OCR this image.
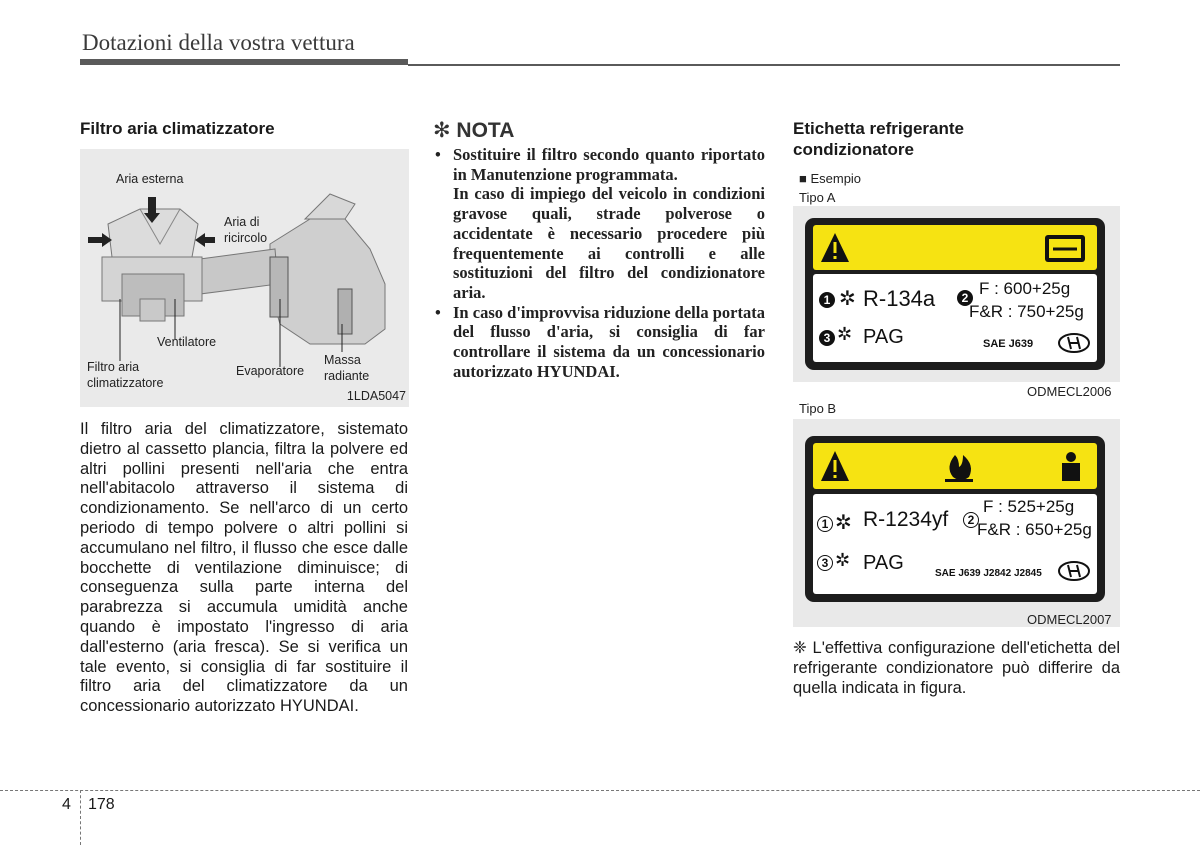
Dotazioni della vostra vettura
Filtro aria climatizzatore
Aria esterna
Aria di
ricircolo
Ventilatore
Filtro aria
climatizzatore
Evaporatore
Massa
radiante
1LDA5047
Il filtro aria del climatizzatore, sistemato dietro al cassetto plancia, filtra la polvere ed altri pollini presenti nell'aria che entra nell'abitacolo attraverso il sistema di condizionamento. Se nell'arco di un certo periodo di tempo polvere o altri pollini si accumulano nel filtro, il flusso che esce dalle bocchette di ventilazione diminuisce; di conseguenza sulla parte interna del parabrezza si accumula umidità anche quando è impostato l'ingresso di aria dall'esterno (aria fresca). Se si verifica un tale evento, si consiglia di far sostituire il filtro aria del climatizzatore da un concessionario autorizzato HYUNDAI.
✻ NOTA
• Sostituire il filtro secondo quanto riportato in Manutenzione programmata.
In caso di impiego del veicolo in condizioni gravose quali, strade polverose o accidentate è necessario procedere più frequentemente ai controlli e alle sostituzioni del filtro del condizionatore aria.
• In caso d'improvvisa riduzione della portata del flusso d'aria, si consiglia di far controllare il sistema da un concessionario autorizzato HYUNDAI.
Etichetta refrigerante condizionatore
■ Esempio
Tipo A
1 ✲ R-134a	2 F : 600+25g
F&R : 750+25g
3 ✲ PAG	SAE J639
ODMECL2006
Tipo B
1 ✲ R-1234yf	2
F : 525+25g
F&R : 650+25g
3 ✲ PAG	SAE J639 J2842 J2845
ODMECL2007
❈ L'effettiva configurazione dell'etichetta del refrigerante condizionatore può differire da quella indicata in figura.
4 178
